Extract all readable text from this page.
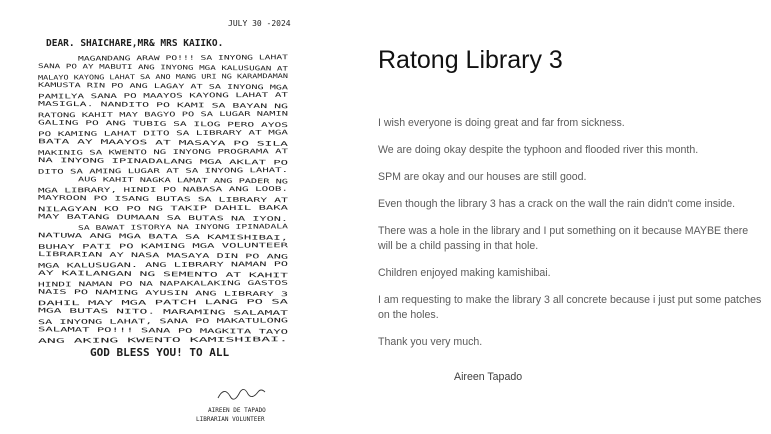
JULY 30 -2024
DEAR. SHAICHARE,MR& MRS KAIIKO.
MAGANDANG ARAW PO!!! SA INYONG LAHAT
SANA PO AY MABUTI ANG INYONG MGA KALUSUGAN AT
MALAYO KAYONG LAHAT SA ANO MANG URI NG KARAMDAMAN
KAMUSTA RIN PO ANG LAGAY AT SA INYONG MGA
PAMILYA SANA PO MAAYOS KAYONG LAHAT AT
MASIGLA. NANDITO PO KAMI SA BAYAN NG
RATONG KAHIT MAY BAGYO PO SA LUGAR NAMIN
GALING PO ANG TUBIG SA ILOG PERO AYOS
PO KAMING LAHAT DITO SA LIBRARY AT MGA
BATA AY MAAYOS AT MASAYA PO SILA
MAKINIG SA KWENTO NG INYONG PROGRAMA AT
NA INYONG IPINADALANG MGA AKLAT PO
DITO SA AMING LUGAR AT SA INYONG LAHAT.
AUG KAHIT NAGKA LAMAT ANG PADER NG
MGA LIBRARY, HINDI PO NABASA ANG LOOB.
MAYROON PO ISANG BUTAS SA LIBRARY AT
NILAGYAN KO PO NG TAKIP DAHIL BAKA
MAY BATANG DUMAAN SA BUTAS NA IYON.
SA BAWAT ISTORYA NA INYONG IPINADALA
NATUWA ANG MGA BATA SA KAMISHIBAI,
BUHAY PATI PO KAMING MGA VOLUNTEER
LIBRARIAN AY NASA MASAYA DIN PO ANG
MGA KALUSUGAN. ANG LIBRARY NAMAN PO
AY KAILANGAN NG SEMENTO AT KAHIT
HINDI NAMAN PO NA NAPAKALAKING GASTOS
NAIS PO NAMING AYUSIN ANG LIBRARY 3
DAHIL MAY MGA PATCH LANG PO SA
MGA BUTAS NITO. MARAMING SALAMAT
SA INYONG LAHAT, SANA PO MAKATULONG
SALAMAT PO!!! SANA PO MAGKITA TAYO
ANG AKING KWENTO KAMISHIBAI.
GOD BLESS YOU! TO ALL
AIREEN DE TAPADO
LIBRARIAN VOLUNTEER
Ratong Library 3

I wish everyone is doing great and far from sickness.

We are doing okay despite the typhoon and flooded river this month.

SPM are okay and our houses are still good.

Even though the library 3 has a crack on the wall the rain didn't come inside.

There was a hole in the library and I put something on it because MAYBE there will be a child passing in that hole.

Children enjoyed making kamishibai.

I am requesting to make the library 3 all concrete because i just put some patches on the holes.

Thank you very much.

Aireen Tapado
